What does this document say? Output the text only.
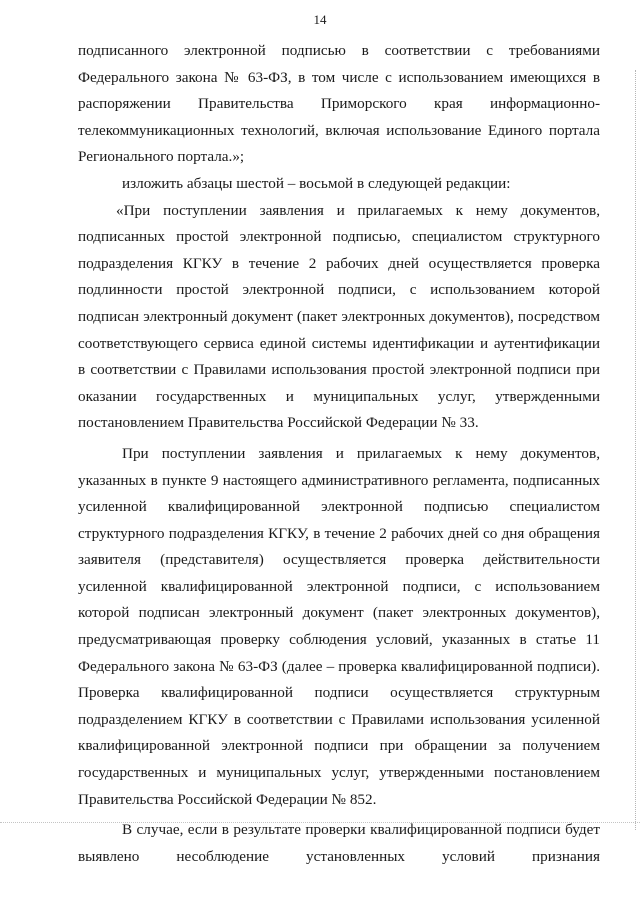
14
подписанного электронной подписью в соответствии с требованиями
Федерального закона № 63-ФЗ, в том числе с использованием имеющихся в
распоряжении Правительства Приморского края информационно-
телекоммуникационных технологий, включая использование Единого портала
Регионального портала.»;
изложить абзацы шестой – восьмой в следующей редакции:
«При поступлении заявления и прилагаемых к нему документов,
подписанных простой электронной подписью, специалистом структурного
подразделения КГКУ в течение 2 рабочих дней осуществляется проверка
подлинности простой электронной подписи, с использованием которой
подписан электронный документ (пакет электронных документов), посредством
соответствующего сервиса единой системы идентификации и аутентификации
в соответствии с Правилами использования простой электронной подписи при
оказании государственных и муниципальных услуг, утвержденными
постановлением Правительства Российской Федерации № 33.
При поступлении заявления и прилагаемых к нему документов,
указанных в пункте 9 настоящего административного регламента, подписанных
усиленной квалифицированной электронной подписью специалистом
структурного подразделения КГКУ, в течение 2 рабочих дней со дня обращения
заявителя (представителя) осуществляется проверка действительности
усиленной квалифицированной электронной подписи, с использованием
которой подписан электронный документ (пакет электронных документов),
предусматривающая проверку соблюдения условий, указанных в статье 11
Федерального закона № 63-ФЗ (далее – проверка квалифицированной подписи).
Проверка квалифицированной подписи осуществляется структурным
подразделением КГКУ в соответствии с Правилами использования усиленной
квалифицированной электронной подписи при обращении за получением
государственных и муниципальных услуг, утвержденными постановлением
Правительства Российской Федерации № 852.
В случае, если в результате проверки квалифицированной подписи будет
выявлено несоблюдение установленных условий признания
